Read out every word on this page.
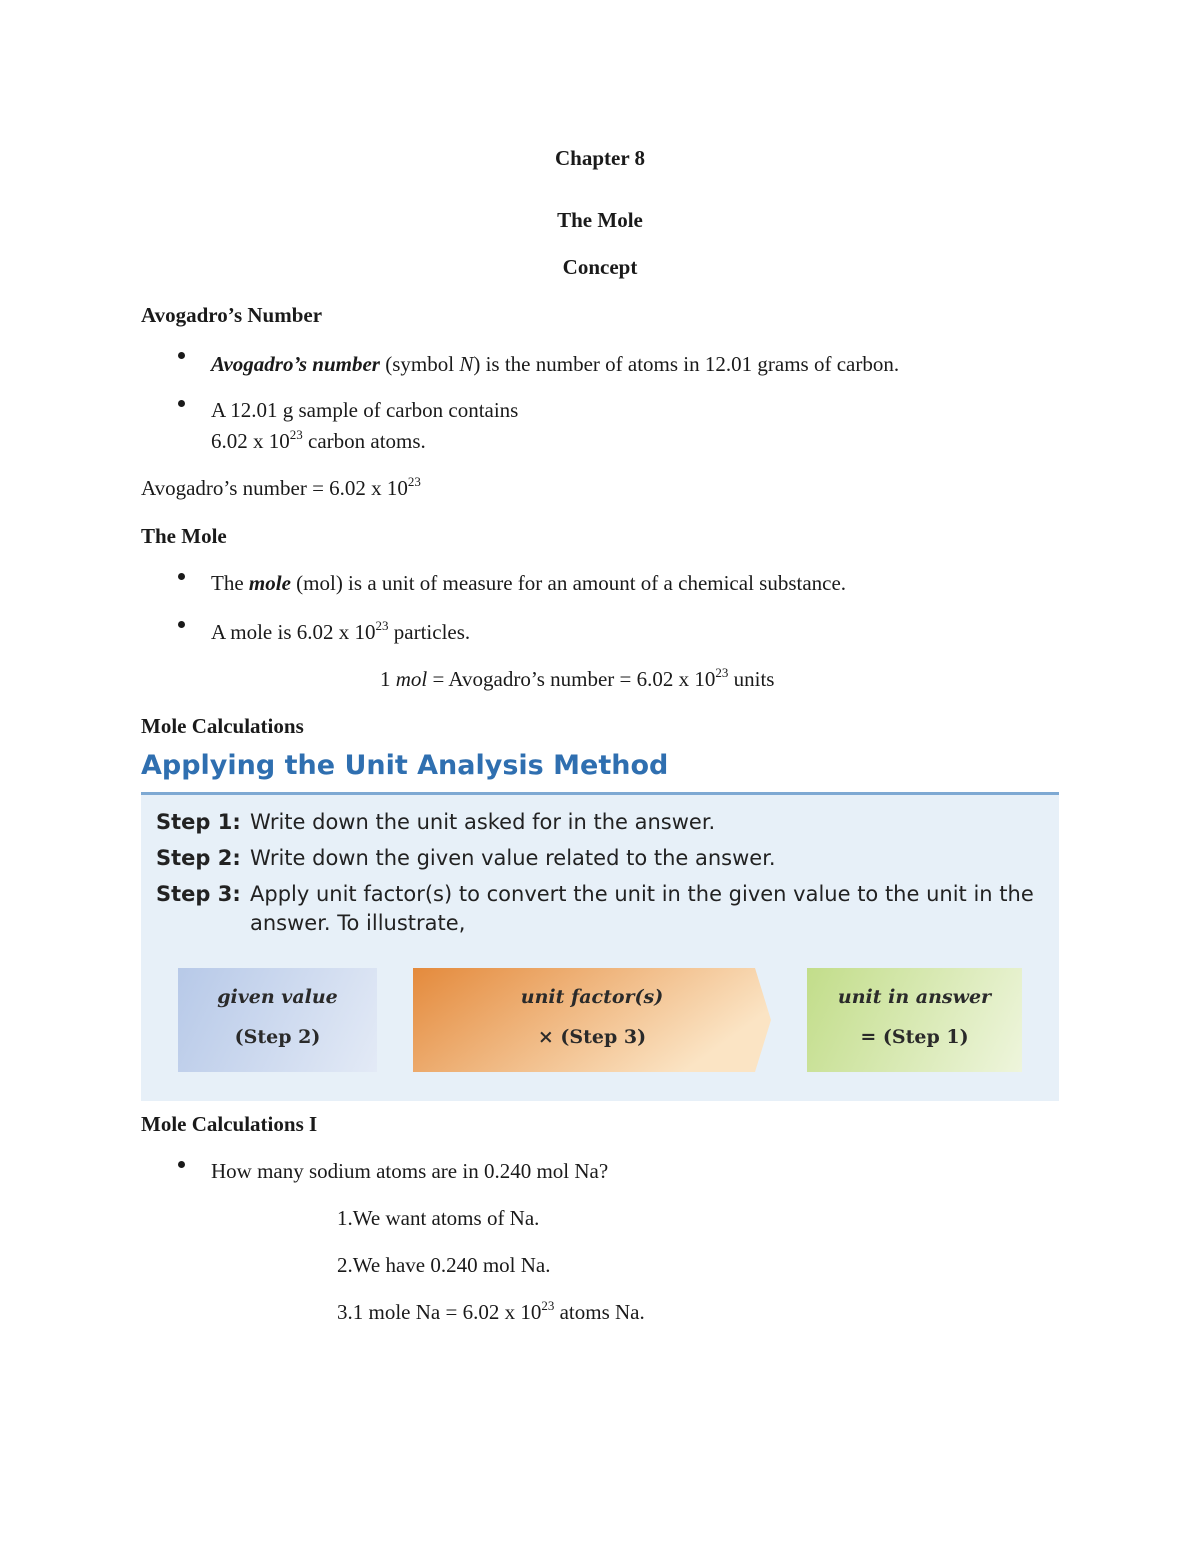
Chapter 8
The Mole
Concept
Avogadro’s Number
Avogadro’s number (symbol N) is the number of atoms in 12.01 grams of carbon.
A 12.01 g sample of carbon contains
6.02 x $10^{23}$ carbon atoms.
Avogadro’s number = 6.02 x $10^{23}$
The Mole
The mole (mol) is a unit of measure for an amount of a chemical substance.
A mole is 6.02 x $10^{23}$ particles.
1 mol = Avogadro’s number = 6.02 x $10^{23}$ units
Mole Calculations
Applying the Unit Analysis Method
Step 1: Write down the unit asked for in the answer.
Step 2: Write down the given value related to the answer.
Step 3: Apply unit factor(s) to convert the unit in the given value to the unit in the
answer. To illustrate,
given value
(Step 2)
unit factor(s)
× (Step 3)
unit in answer
= (Step 1)
Mole Calculations I
How many sodium atoms are in 0.240 mol Na?
1.We want atoms of Na.
2.We have 0.240 mol Na.
3.1 mole Na = 6.02 x $10^{23}$ atoms Na.
